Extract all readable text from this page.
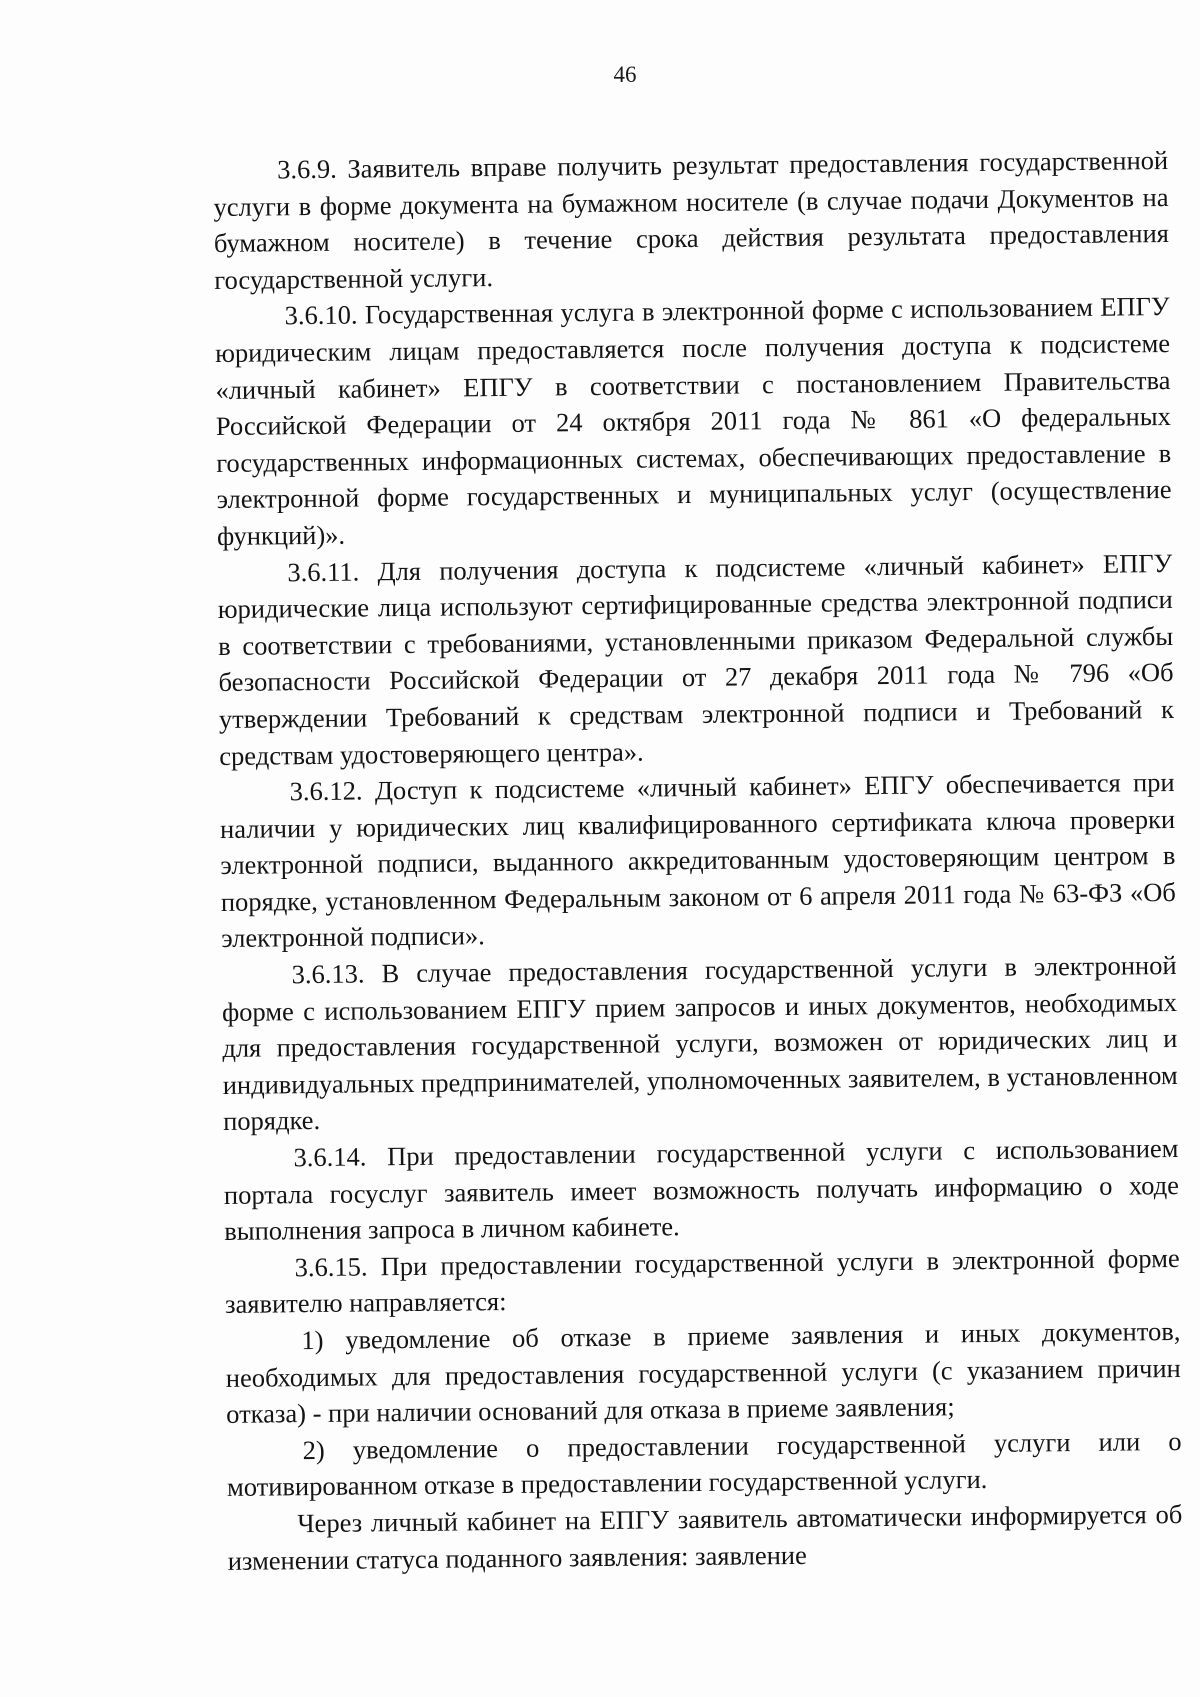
46

3.6.9. Заявитель вправе получить результат предоставления государственной услуги в форме документа на бумажном носителе (в случае подачи Документов на бумажном носителе) в течение срока действия результата предоставления государственной услуги.

3.6.10. Государственная услуга в электронной форме с использованием ЕПГУ юридическим лицам предоставляется после получения доступа к подсистеме «личный кабинет» ЕПГУ в соответствии с постановлением Правительства Российской Федерации от 24 октября 2011 года № 861 «О федеральных государственных информационных системах, обеспечивающих предоставление в электронной форме государственных и муниципальных услуг (осуществление функций)».

3.6.11. Для получения доступа к подсистеме «личный кабинет» ЕПГУ юридические лица используют сертифицированные средства электронной подписи в соответствии с требованиями, установленными приказом Федеральной службы безопасности Российской Федерации от 27 декабря 2011 года № 796 «Об утверждении Требований к средствам электронной подписи и Требований к средствам удостоверяющего центра».

3.6.12. Доступ к подсистеме «личный кабинет» ЕПГУ обеспечивается при наличии у юридических лиц квалифицированного сертификата ключа проверки электронной подписи, выданного аккредитованным удостоверяющим центром в порядке, установленном Федеральным законом от 6 апреля 2011 года № 63-ФЗ «Об электронной подписи».

3.6.13. В случае предоставления государственной услуги в электронной форме с использованием ЕПГУ прием запросов и иных документов, необходимых для предоставления государственной услуги, возможен от юридических лиц и индивидуальных предпринимателей, уполномоченных заявителем, в установленном порядке.

3.6.14. При предоставлении государственной услуги с использованием портала госуслуг заявитель имеет возможность получать информацию о ходе выполнения запроса в личном кабинете.

3.6.15. При предоставлении государственной услуги в электронной форме заявителю направляется:

1) уведомление об отказе в приеме заявления и иных документов, необходимых для предоставления государственной услуги (с указанием причин отказа) - при наличии оснований для отказа в приеме заявления;

2) уведомление о предоставлении государственной услуги или о мотивированном отказе в предоставлении государственной услуги.

Через личный кабинет на ЕПГУ заявитель автоматически информируется об изменении статуса поданного заявления: заявление
